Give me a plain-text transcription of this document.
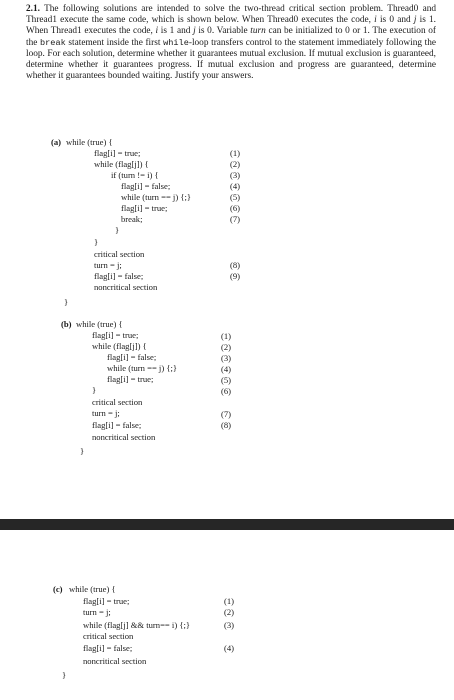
2.1. The following solutions are intended to solve the two-thread critical section problem. Thread0 and Thread1 execute the same code, which is shown below. When Thread0 executes the code, i is 0 and j is 1. When Thread1 executes the code, i is 1 and j is 0. Variable turn can be initialized to 0 or 1. The execution of the break statement inside the first while-loop transfers control to the statement immediately following the loop. For each solution, determine whether it guarantees mutual exclusion. If mutual exclusion is guaranteed, determine whether it guarantees progress. If mutual exclusion and progress are guaranteed, determine whether it guarantees bounded waiting. Justify your answers.
(a) while (true) {
flag[i] = true;
while (flag[j]) {
if (turn != i) {
flag[i] = false;
while (turn == j) {;}
flag[i] = true;
break;
}
}
critical section
turn = j;
flag[i] = false;
noncritical section
}
(1)
(2)
(3)
(4)
(5)
(6)
(7)
(8)
(9)
(b) while (true) {
flag[i] = true;
while (flag[j]) {
flag[i] = false;
while (turn == j) {;}
flag[i] = true;
}
critical section
turn = j;
flag[i] = false;
noncritical section
}
(1)
(2)
(3)
(4)
(5)
(6)
(7)
(8)
(c) while (true) {
flag[i] = true;
turn = j;
while (flag[j] && turn== i) {;}
critical section
flag[i] = false;
noncritical section
}
(1)
(2)
(3)
(4)
